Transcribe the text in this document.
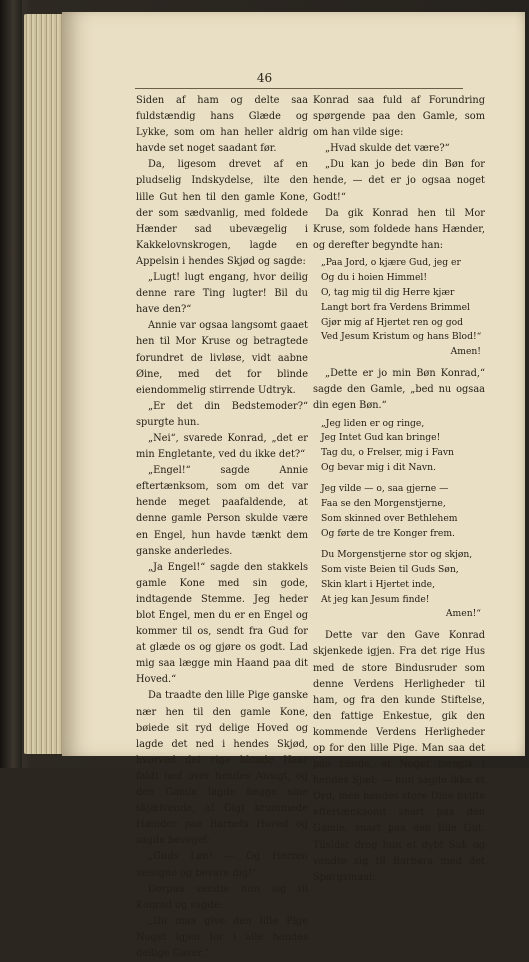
46

Siden af ham og delte saa fuldstændig hans Glæde og Lykke, som om han heller aldrig havde set noget saadant før.

Da, ligesom drevet af en pludselig Indskydelse, ilte den lille Gut hen til den gamle Kone, der som sædvanlig, med foldede Hænder sad ubevægelig i Kakkelovnskrogen, lagde en Appelsin i hendes Skjød og sagde:

„Lugt! lugt engang, hvor deilig denne rare Ting lugter! Bil du have den?“

Annie var ogsaa langsomt gaaet hen til Mor Kruse og betragtede forundret de livløse, vidt aabne Øine, med det for blinde eiendommelig stirrende Udtryk.

„Er det din Bedstemoder?“ spurgte hun.

„Nei“, svarede Konrad, „det er min Engletante, ved du ikke det?“

„Engel!“ sagde Annie eftertænksom, som om det var hende meget paafaldende, at denne gamle Person skulde være en Engel, hun havde tænkt dem ganske anderledes.

„Ja Engel!“ sagde den stakkels gamle Kone med sin gode, indtagende Stemme. Jeg heder blot Engel, men du er en Engel og kommer til os, sendt fra Gud for at glæde os og gjøre os godt. Lad mig saa lægge min Haand paa dit Hoved.“

Da traadte den lille Pige ganske nær hen til den gamle Kone, bøiede sit ryd delige Hoved og lagde det ned i hendes Skjød, hvorved det rige blonde Haar faldt ned over hendes Ansigt, og den Gamle lagde begge sine skjælvende, af Gigt krummede Hænder paa Barnets Hoved og sagde beveget:

„Guds Løn! — Og Herren velsigne og bevare dig!“

Derpaa vendte hun sig til Konrad og sagde:

„Du maa give den lille Pige Noget igjen for i alle hendes deilige Gaver.“

Konrad saa fuld af Forundring spørgende paa den Gamle, som om han vilde sige:

„Hvad skulde det være?“

„Du kan jo bede din Bøn for hende, — det er jo ogsaa noget Godt!“

Da gik Konrad hen til Mor Kruse, som foldede hans Hænder, og derefter begyndte han:

„Paa Jord, o kjære Gud, jeg er
Og du i hoien Himmel!
O, tag mig til dig Herre kjær
Langt bort fra Verdens Brimmel
Gjør mig af Hjertet ren og god
Ved Jesum Kristum og hans Blod!“
Amen!

„Dette er jo min Bøn Konrad,“ sagde den Gamle, „bed nu ogsaa din egen Bøn.“

„Jeg liden er og ringe,
Jeg Intet Gud kan bringe!
Tag du, o Frelser, mig i Favn
Og bevar mig i dit Navn.
Jeg vilde — o, saa gjerne —
Faa se den Morgenstjerne,
Som skinned over Bethlehem
Og førte de tre Konger frem.
Du Morgenstjerne stor og skjøn,
Som viste Beien til Guds Søn,
Skin klart i Hjertet inde,
At jeg kan Jesum finde!
Amen!“

Dette var den Gave Konrad skjenkede igjen. Fra det rige Hus med de store Bindusruder som denne Verdens Herligheder til ham, og fra den kunde Stiftelse, den fattige Enkestue, gik den kommende Verdens Herligheder op for den lille Pige. Man saa det paa hende, at Noget foregik i hendes Sjæl; — hun sagde ikke et Ord, men hendes store Dine hvilte eftertænksomt snart paa den Gamle, snart paa den lille Gut. Tilsidst drog hun et dybt Suk og vendte sig til Barbara med det Spørgsmaal:
